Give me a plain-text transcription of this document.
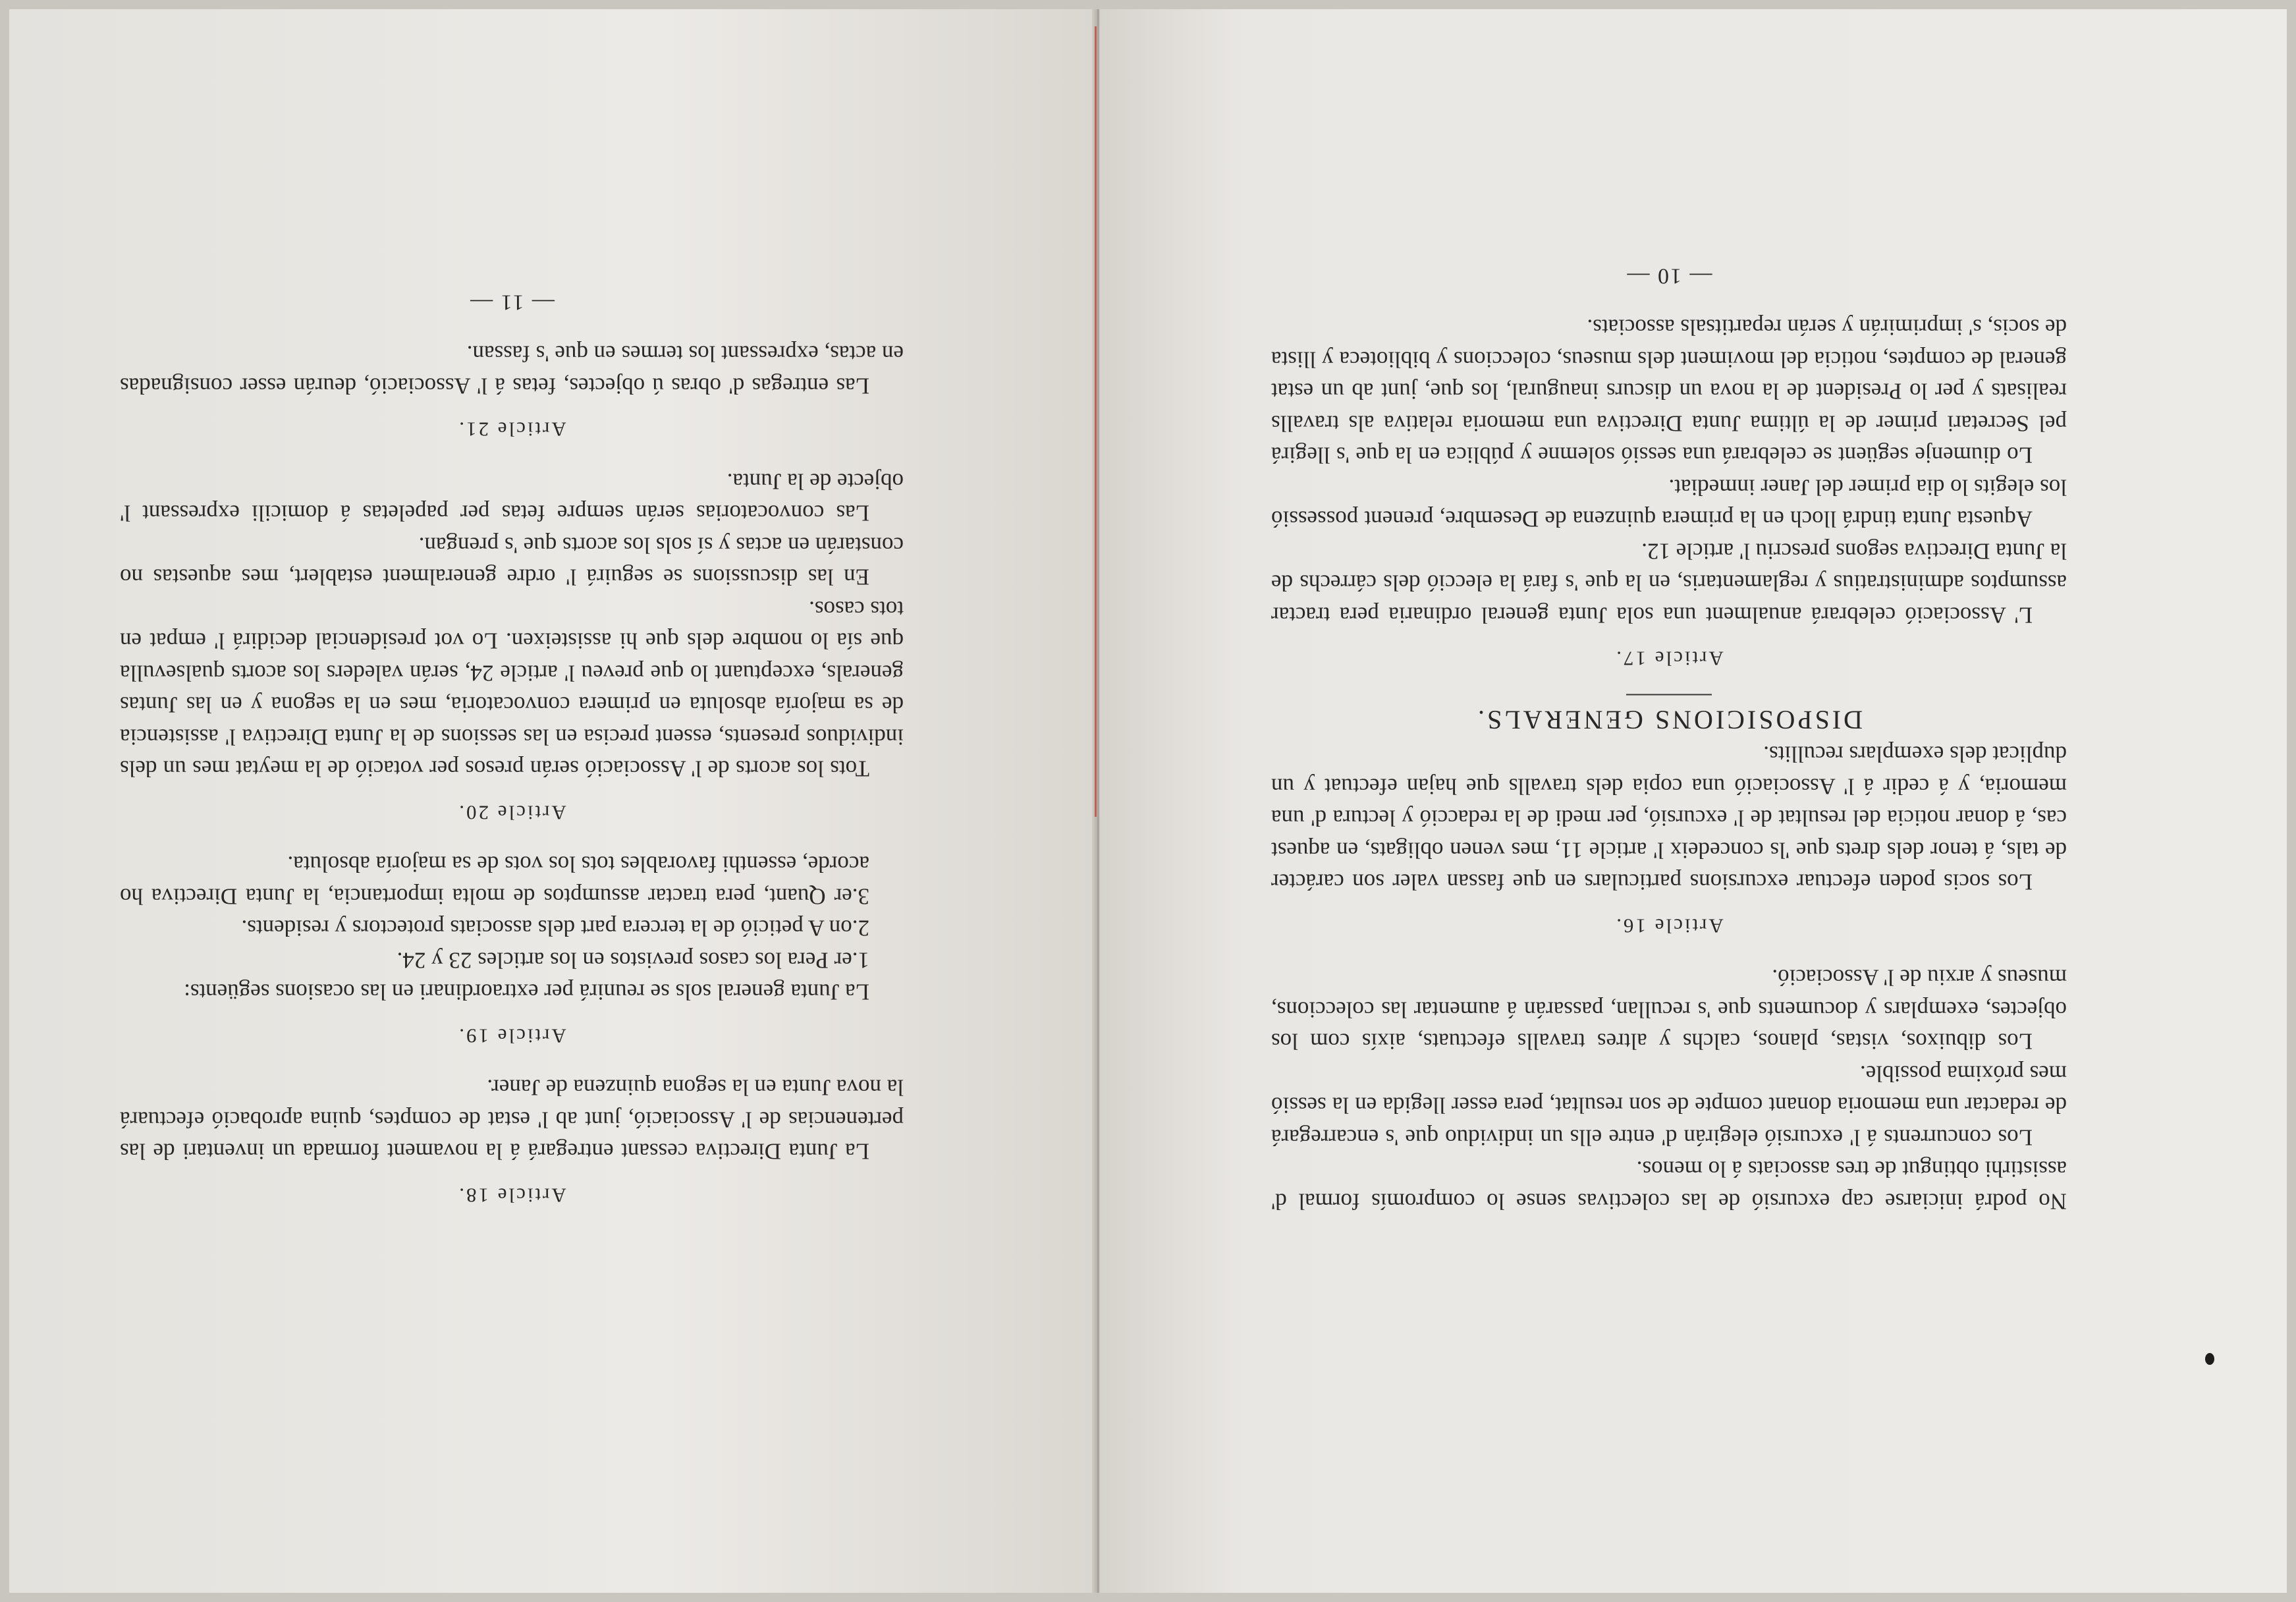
Article 18.

La Junta Directiva cessant entregará á la novament formada un inventari de las pertenencias de l' Associació, junt ab l' estat de comptes, quina aprobació efectuará la nova Junta en la segona quinzena de Janer.

Article 19.

La Junta general sols se reunirá per extraordinari en las ocasions següents:

1.er Pera los casos previstos en los articles 23 y 24.

2.on A petició de la tercera part dels associats protectors y residents.

3.er Quant, pera tractar assumptos de molta importancia, la Junta Directiva ho acorde, essenthi favorables tots los vots de sa majoría absoluta.

Article 20.

Tots los acorts de l' Associació serán presos per votació de la meytat mes un dels individuos presents, essent precisa en las sessions de la Junta Directiva l' assistencia de sa majoría absoluta en primera convocatoria, mes en la segona y en las Juntas generals, exceptuant lo que preveu l' article 24, serán valeders los acorts qualsevulla que sía lo nombre dels que hi assisteixen. Lo vot presidencial decidirá l' empat en tots casos.

En las discussions se seguirá l' ordre generalment establert, mes aquestas no constarán en actas y sí sols los acorts que 's prengan.

Las convocatorias serán sempre fetas per papeletas á domicili expressant l' objecte de la Junta.

Article 21.

Las entregas d' obras ú objectes, fetas á l' Associació, deurán esser consignadas en actas, expressant los termes en que 's fassan.

— 11 —

No podrá iniciarse cap excursió de las colectivas sense lo compromís formal d' assistirhi obtingut de tres associats á lo menos.

Los concurrents á l' excursió elegirán d' entre ells un individuo que 's encarregará de redactar una memoria donant compte de son resultat, pera esser llegida en la sessió mes próxima possible.

Los dibuixos, vistas, planos, calchs y altres travalls efectuats, aixís com los objectes, exemplars y documents que 's recullan, passarán á aumentar las coleccions, museus y arxiu de l' Associació.

Article 16.

Los socis poden efectuar excursions particulars en que fassan valer son carácter de tals, á tenor dels drets que 'ls concedeix l' article 11, mes venen obligats, en aquest cas, á donar noticia del resultat de l' excursió, per medi de la redacció y lectura d' una memoria, y á cedir á l' Associació una copia dels travalls que hajan efectuat y un duplicat dels exemplars recullits.

DISPOSICIONS GENERALS.

Article 17.

L' Associació celebrará anualment una sola Junta general ordinaria pera tractar assumptos administratius y reglamentaris, en la que 's fará la elecció dels cárrechs de la Junta Directiva segons prescriu l' article 12.

Aquesta Junta tindrá lloch en la primera quinzena de Desembre, prenent possessió los elegits lo dia primer del Janer inmediat.

Lo diumenje següent se celebrará una sessió solemne y pública en la que 's llegirá pel Secretari primer de la última Junta Directiva una memoria relativa als travalls realisats y per lo President de la nova un discurs inaugural, los que, junt ab un estat general de comptes, noticia del moviment dels museus, coleccions y biblioteca y llista de socis, s' imprimirán y serán repartitsals associats.

— 10 —
